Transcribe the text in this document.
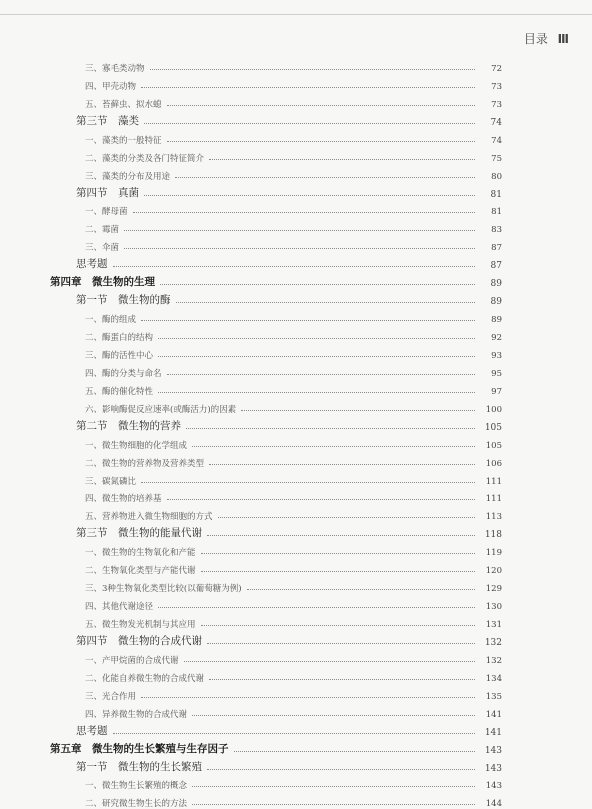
目录 Ⅲ
三、寡毛类动物	72
四、甲壳动物	73
五、苔藓虫、拟水螅	73
第三节　藻类	74
一、藻类的一般特征	74
二、藻类的分类及各门特征简介	75
三、藻类的分布及用途	80
第四节　真菌	81
一、酵母菌	81
二、霉菌	83
三、伞菌	87
思考题	87
第四章　微生物的生理	89
第一节　微生物的酶	89
一、酶的组成	89
二、酶蛋白的结构	92
三、酶的活性中心	93
四、酶的分类与命名	95
五、酶的催化特性	97
六、影响酶促反应速率(或酶活力)的因素	100
第二节　微生物的营养	105
一、微生物细胞的化学组成	105
二、微生物的营养物及营养类型	106
三、碳氮磷比	111
四、微生物的培养基	111
五、营养物进入微生物细胞的方式	113
第三节　微生物的能量代谢	118
一、微生物的生物氧化和产能	119
二、生物氧化类型与产能代谢	120
三、3种生物氧化类型比较(以葡萄糖为例)	129
四、其他代谢途径	130
五、微生物发光机制与其应用	131
第四节　微生物的合成代谢	132
一、产甲烷菌的合成代谢	132
二、化能自养微生物的合成代谢	134
三、光合作用	135
四、异养微生物的合成代谢	141
思考题	141
第五章　微生物的生长繁殖与生存因子	143
第一节　微生物的生长繁殖	143
一、微生物生长繁殖的概念	143
二、研究微生物生长的方法	144
